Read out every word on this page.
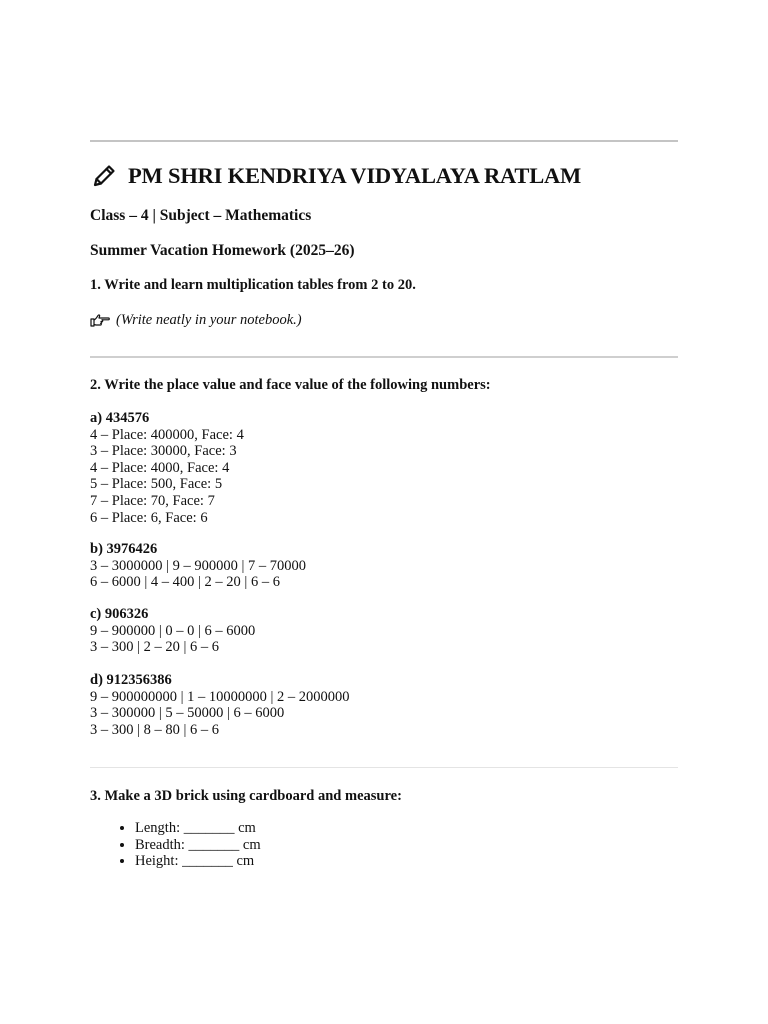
PM SHRI KENDRIYA VIDYALAYA RATLAM

Class – 4 | Subject – Mathematics

Summer Vacation Homework (2025–26)

1. Write and learn multiplication tables from 2 to 20.

(Write neatly in your notebook.)

2. Write the place value and face value of the following numbers:

a) 434576
4 – Place: 400000, Face: 4
3 – Place: 30000, Face: 3
4 – Place: 4000, Face: 4
5 – Place: 500, Face: 5
7 – Place: 70, Face: 7
6 – Place: 6, Face: 6
b) 3976426
3 – 3000000 | 9 – 900000 | 7 – 70000
6 – 6000 | 4 – 400 | 2 – 20 | 6 – 6
c) 906326
9 – 900000 | 0 – 0 | 6 – 6000
3 – 300 | 2 – 20 | 6 – 6
d) 912356386
9 – 900000000 | 1 – 10000000 | 2 – 2000000
3 – 300000 | 5 – 50000 | 6 – 6000
3 – 300 | 8 – 80 | 6 – 6

3. Make a 3D brick using cardboard and measure:

• Length: _______ cm
• Breadth: _______ cm
• Height: _______ cm
